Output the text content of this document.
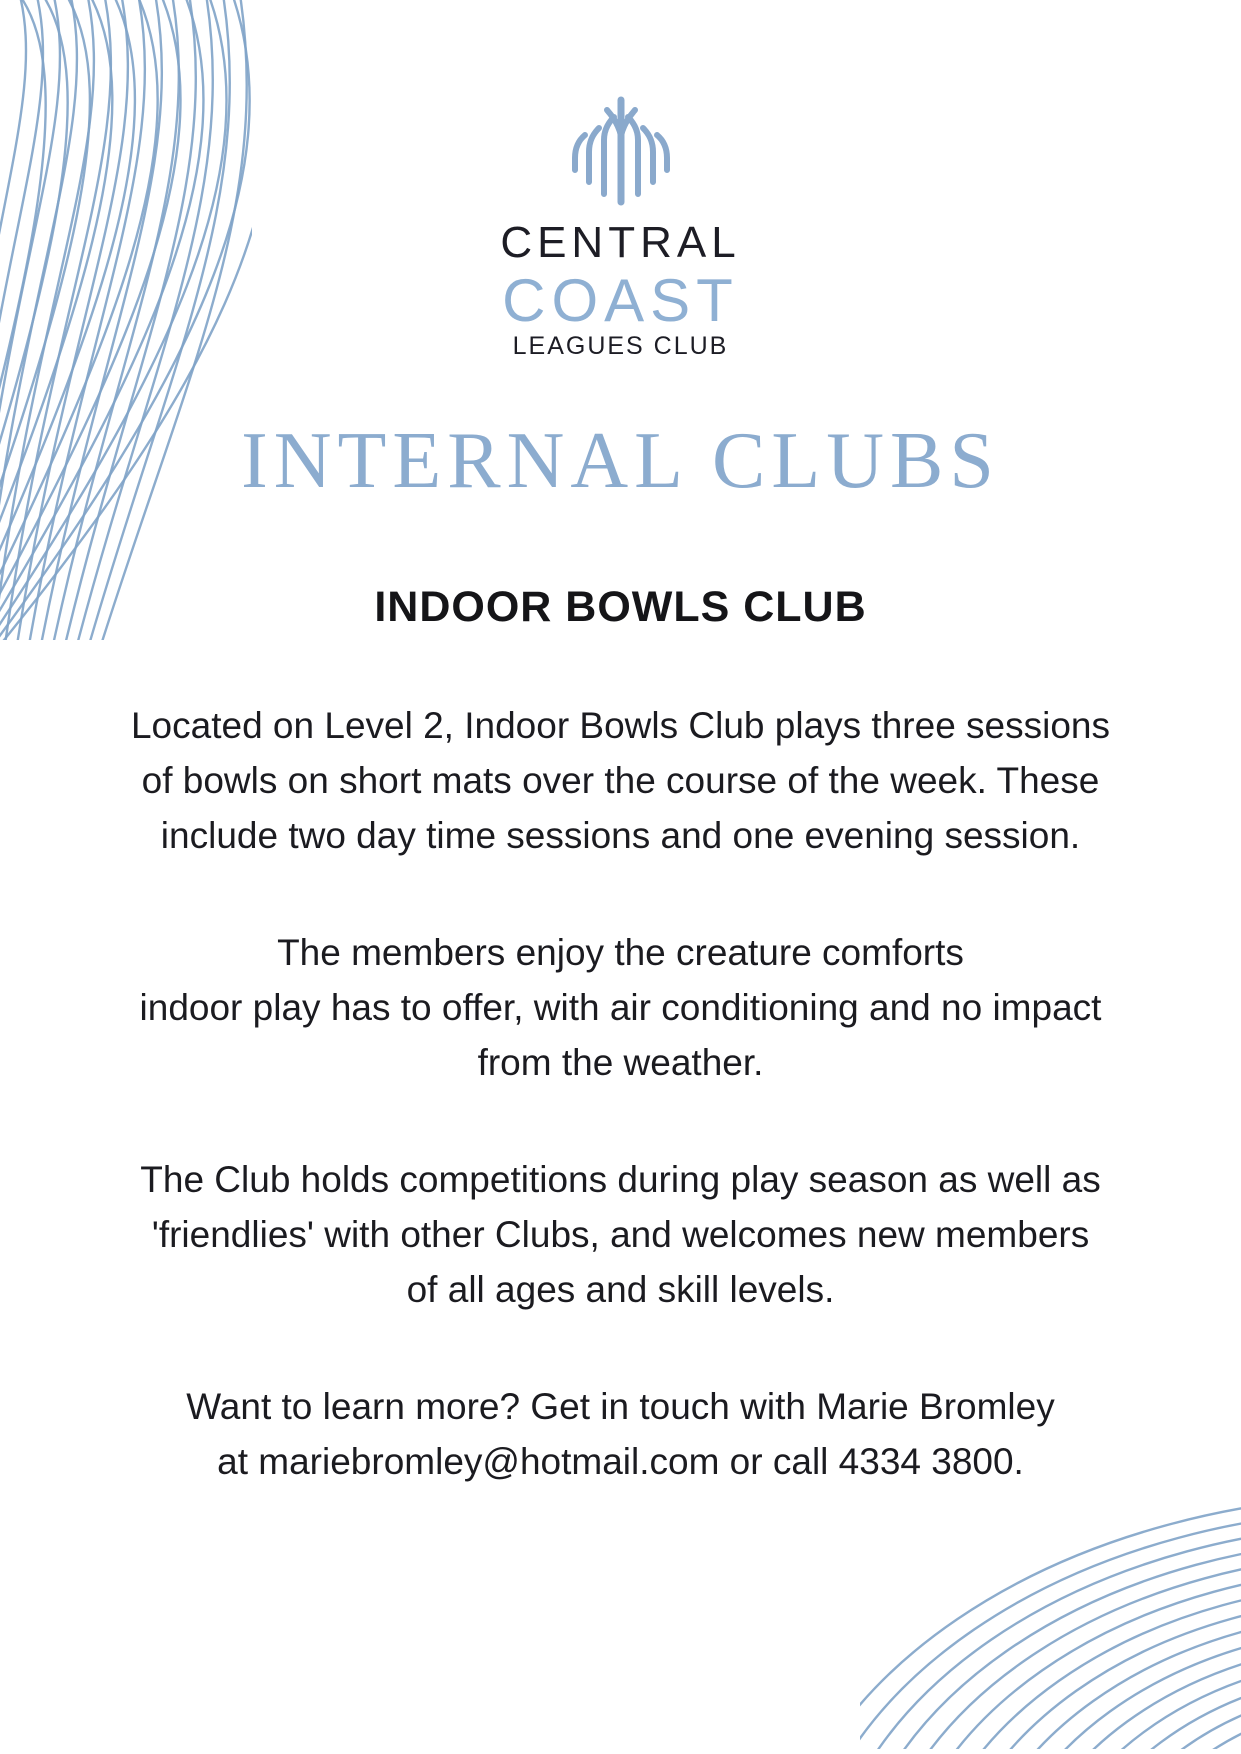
CENTRAL
COAST
LEAGUES CLUB
INTERNAL CLUBS
INDOOR BOWLS CLUB

Located on Level 2, Indoor Bowls Club plays three sessions
of bowls on short mats over the course of the week. These
include two day time sessions and one evening session.

The members enjoy the creature comforts
indoor play has to offer, with air conditioning and no impact
from the weather.

The Club holds competitions during play season as well as
'friendlies' with other Clubs, and welcomes new members
of all ages and skill levels.

Want to learn more? Get in touch with Marie Bromley
at mariebromley@hotmail.com or call 4334 3800.
